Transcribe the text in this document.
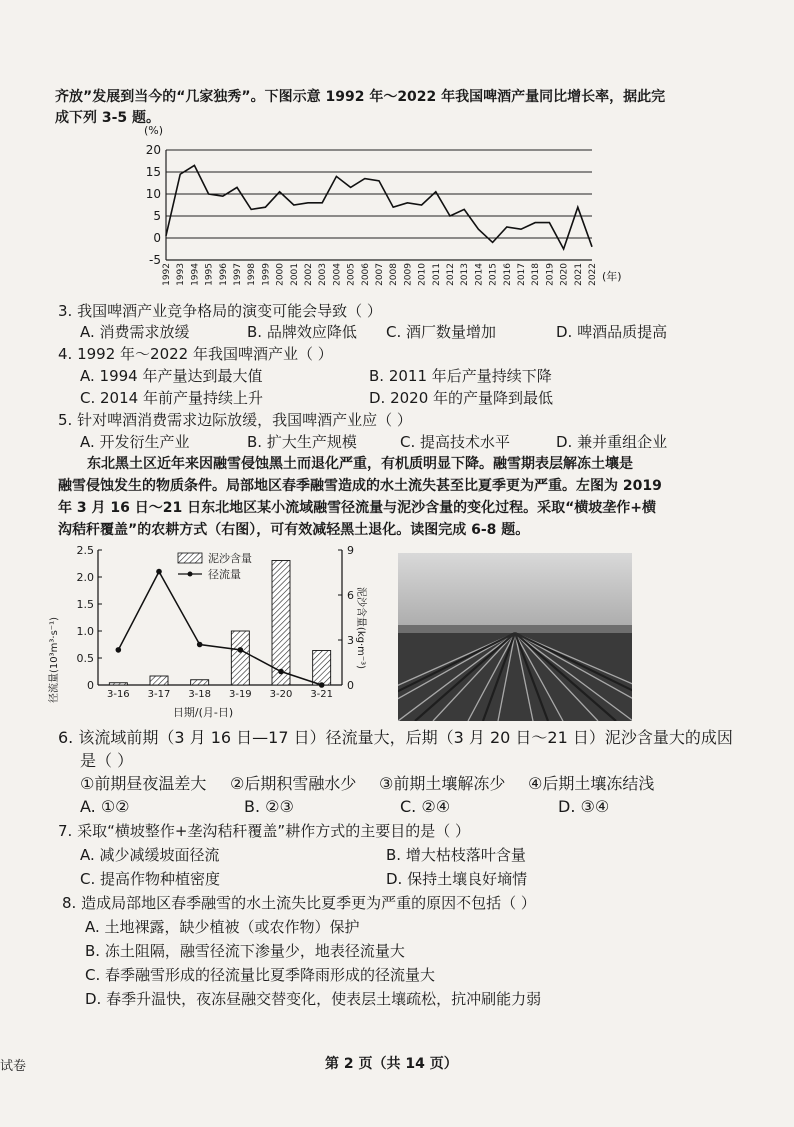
齐放”发展到当今的“几家独秀”。下图示意 1992 年～2022 年我国啤酒产量同比增长率，据此完
成下列 3-5 题。
(%)
20
15
10
5
0
-5
1992 1993 1994 1995 1996 1997 1998 1999 2000 2001 2002 2003 2004 2005 2006 2007 2008 2009 2010 2011 2012 2013 2014 2015 2016 2017 2018 2019 2020 2021 2022 (年)
3. 我国啤酒产业竞争格局的演变可能会导致（ ）
A. 消费需求放缓	B. 品牌效应降低 C. 酒厂数量增加	D. 啤酒品质提高
4. 1992 年～2022 年我国啤酒产业（ ）
A. 1994 年产量达到最大值	B. 2011 年后产量持续下降
C. 2014 年前产量持续上升	D. 2020 年的产量降到最低
5. 针对啤酒消费需求边际放缓，我国啤酒产业应（ ）
A. 开发衍生产业	B. 扩大生产规模	C. 提高技术水平	D. 兼并重组企业
东北黑土区近年来因融雪侵蚀黑土而退化严重，有机质明显下降。融雪期表层解冻土壤是
融雪侵蚀发生的物质条件。局部地区春季融雪造成的水土流失甚至比夏季更为严重。左图为 2019
年 3 月 16 日～21 日东北地区某小流域融雪径流量与泥沙含量的变化过程。采取“横坡垄作+横
沟秸秆覆盖”的农耕方式（右图），可有效减轻黑土退化。读图完成 6-8 题。
0
0.5
1.0
1.5
2.0
2.5
0
3
6
9
3-16 3-17 3-18 3-19 3-20 3-21
泥沙含量
径流量
径流量(10³m³·s⁻¹)	泥沙含量(kg·m⁻³)
日期/(月-日)
6. 该流域前期（3 月 16 日—17 日）径流量大，后期（3 月 20 日～21 日）泥沙含量大的成因
是（ ）
①前期昼夜温差大 ②后期积雪融水少 ③前期土壤解冻少 ④后期土壤冻结浅
A. ①②	B. ②③	C. ②④	D. ③④
7. 采取“横坡整作+垄沟秸秆覆盖”耕作方式的主要目的是（ ）
A. 减少减缓坡面径流	B. 增大枯枝落叶含量
C. 提高作物种植密度	D. 保持土壤良好墒情
8. 造成局部地区春季融雪的水土流失比夏季更为严重的原因不包括（ ）
A. 土地裸露，缺少植被（或农作物）保护
B. 冻土阻隔，融雪径流下渗量少，地表径流量大
C. 春季融雪形成的径流量比夏季降雨形成的径流量大
D. 春季升温快，夜冻昼融交替变化，使表层土壤疏松，抗冲刷能力弱
第 2 页（共 14 页）
试卷
